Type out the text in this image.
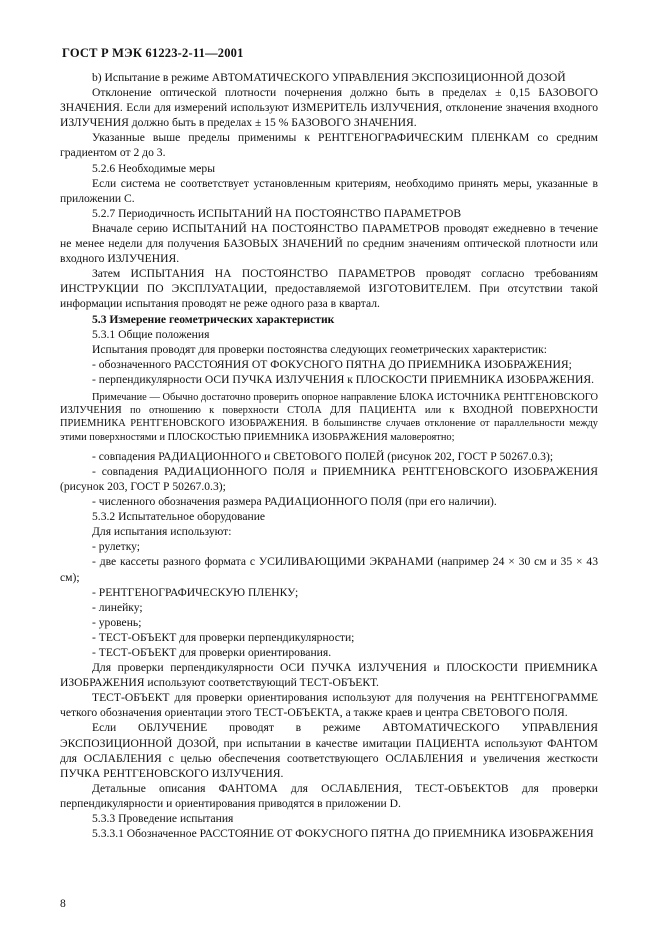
ГОСТ Р МЭК 61223-2-11—2001

b) Испытание в режиме АВТОМАТИЧЕСКОГО УПРАВЛЕНИЯ ЭКСПОЗИЦИОННОЙ ДОЗОЙ

Отклонение оптической плотности почернения должно быть в пределах ± 0,15 БАЗОВОГО ЗНАЧЕНИЯ. Если для измерений используют ИЗМЕРИТЕЛЬ ИЗЛУЧЕНИЯ, отклонение значения входного ИЗЛУЧЕНИЯ должно быть в пределах ± 15 % БАЗОВОГО ЗНАЧЕНИЯ.

Указанные выше пределы применимы к РЕНТГЕНОГРАФИЧЕСКИМ ПЛЕНКАМ со средним градиентом от 2 до 3.

5.2.6 Необходимые меры

Если система не соответствует установленным критериям, необходимо принять меры, указанные в приложении С.

5.2.7 Периодичность ИСПЫТАНИЙ НА ПОСТОЯНСТВО ПАРАМЕТРОВ

Вначале серию ИСПЫТАНИЙ НА ПОСТОЯНСТВО ПАРАМЕТРОВ проводят ежедневно в течение не менее недели для получения БАЗОВЫХ ЗНАЧЕНИЙ по средним значениям оптической плотности или входного ИЗЛУЧЕНИЯ.

Затем ИСПЫТАНИЯ НА ПОСТОЯНСТВО ПАРАМЕТРОВ проводят согласно требованиям ИНСТРУКЦИИ ПО ЭКСПЛУАТАЦИИ, предоставляемой ИЗГОТОВИТЕЛЕМ. При отсутствии такой информации испытания проводят не реже одного раза в квартал.

5.3 Измерение геометрических характеристик

5.3.1 Общие положения

Испытания проводят для проверки постоянства следующих геометрических характеристик:

- обозначенного РАССТОЯНИЯ ОТ ФОКУСНОГО ПЯТНА ДО ПРИЕМНИКА ИЗОБРАЖЕНИЯ;

- перпендикулярности ОСИ ПУЧКА ИЗЛУЧЕНИЯ к ПЛОСКОСТИ ПРИЕМНИКА ИЗОБРАЖЕНИЯ.

Примечание — Обычно достаточно проверить опорное направление БЛОКА ИСТОЧНИКА РЕНТГЕНОВСКОГО ИЗЛУЧЕНИЯ по отношению к поверхности СТОЛА ДЛЯ ПАЦИЕНТА или к ВХОДНОЙ ПОВЕРХНОСТИ ПРИЕМНИКА РЕНТГЕНОВСКОГО ИЗОБРАЖЕНИЯ. В большинстве случаев отклонение от параллельности между этими поверхностями и ПЛОСКОСТЬЮ ПРИЕМНИКА ИЗОБРАЖЕНИЯ маловероятно;

- совпадения РАДИАЦИОННОГО и СВЕТОВОГО ПОЛЕЙ (рисунок 202, ГОСТ Р 50267.0.3);

- совпадения РАДИАЦИОННОГО ПОЛЯ и ПРИЕМНИКА РЕНТГЕНОВСКОГО ИЗОБРАЖЕНИЯ (рисунок 203, ГОСТ Р 50267.0.3);

- численного обозначения размера РАДИАЦИОННОГО ПОЛЯ (при его наличии).

5.3.2 Испытательное оборудование

Для испытания используют:

- рулетку;

- две кассеты разного формата с УСИЛИВАЮЩИМИ ЭКРАНАМИ (например 24 × 30 см и 35 × 43 см);

- РЕНТГЕНОГРАФИЧЕСКУЮ ПЛЕНКУ;

- линейку;

- уровень;

- ТЕСТ-ОБЪЕКТ для проверки перпендикулярности;

- ТЕСТ-ОБЪЕКТ для проверки ориентирования.

Для проверки перпендикулярности ОСИ ПУЧКА ИЗЛУЧЕНИЯ и ПЛОСКОСТИ ПРИЕМНИКА ИЗОБРАЖЕНИЯ используют соответствующий ТЕСТ-ОБЪЕКТ.

ТЕСТ-ОБЪЕКТ для проверки ориентирования используют для получения на РЕНТГЕНОГРАММЕ четкого обозначения ориентации этого ТЕСТ-ОБЪЕКТА, а также краев и центра СВЕТОВОГО ПОЛЯ.

Если ОБЛУЧЕНИЕ проводят в режиме АВТОМАТИЧЕСКОГО УПРАВЛЕНИЯ ЭКСПОЗИЦИОННОЙ ДОЗОЙ, при испытании в качестве имитации ПАЦИЕНТА используют ФАНТОМ для ОСЛАБЛЕНИЯ с целью обеспечения соответствующего ОСЛАБЛЕНИЯ и увеличения жесткости ПУЧКА РЕНТГЕНОВСКОГО ИЗЛУЧЕНИЯ.

Детальные описания ФАНТОМА для ОСЛАБЛЕНИЯ, ТЕСТ-ОБЪЕКТОВ для проверки перпендикулярности и ориентирования приводятся в приложении D.

5.3.3 Проведение испытания

5.3.3.1 Обозначенное РАССТОЯНИЕ ОТ ФОКУСНОГО ПЯТНА ДО ПРИЕМНИКА ИЗОБРАЖЕНИЯ

8
